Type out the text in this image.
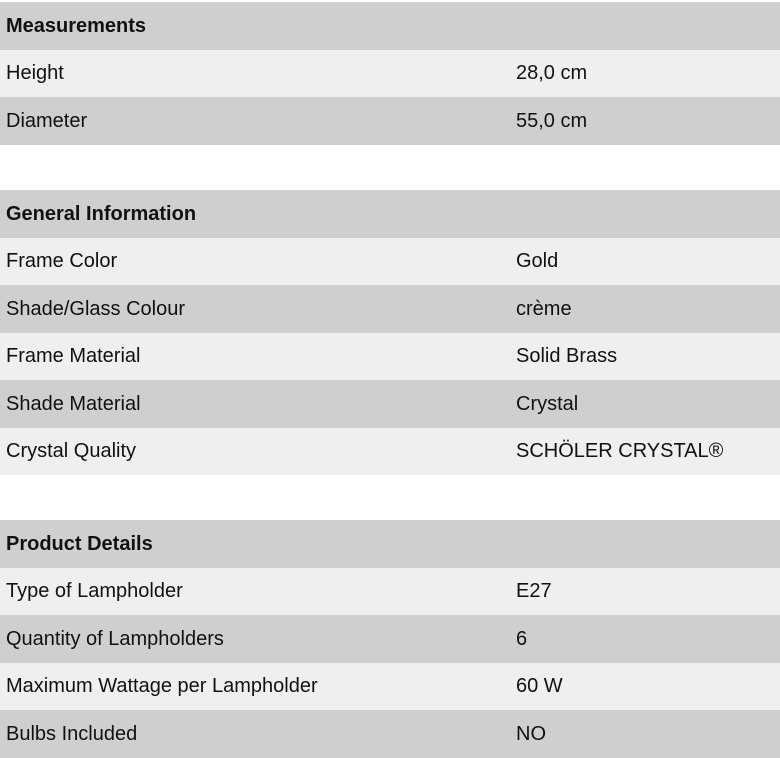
Measurements
Height	28,0 cm
Diameter	55,0 cm
General Information
Frame Color	Gold
Shade/Glass Colour	crème
Frame Material	Solid Brass
Shade Material	Crystal
Crystal Quality	SCHÖLER CRYSTAL®
Product Details
Type of Lampholder	E27
Quantity of Lampholders	6
Maximum Wattage per Lampholder	60 W
Bulbs Included	NO
